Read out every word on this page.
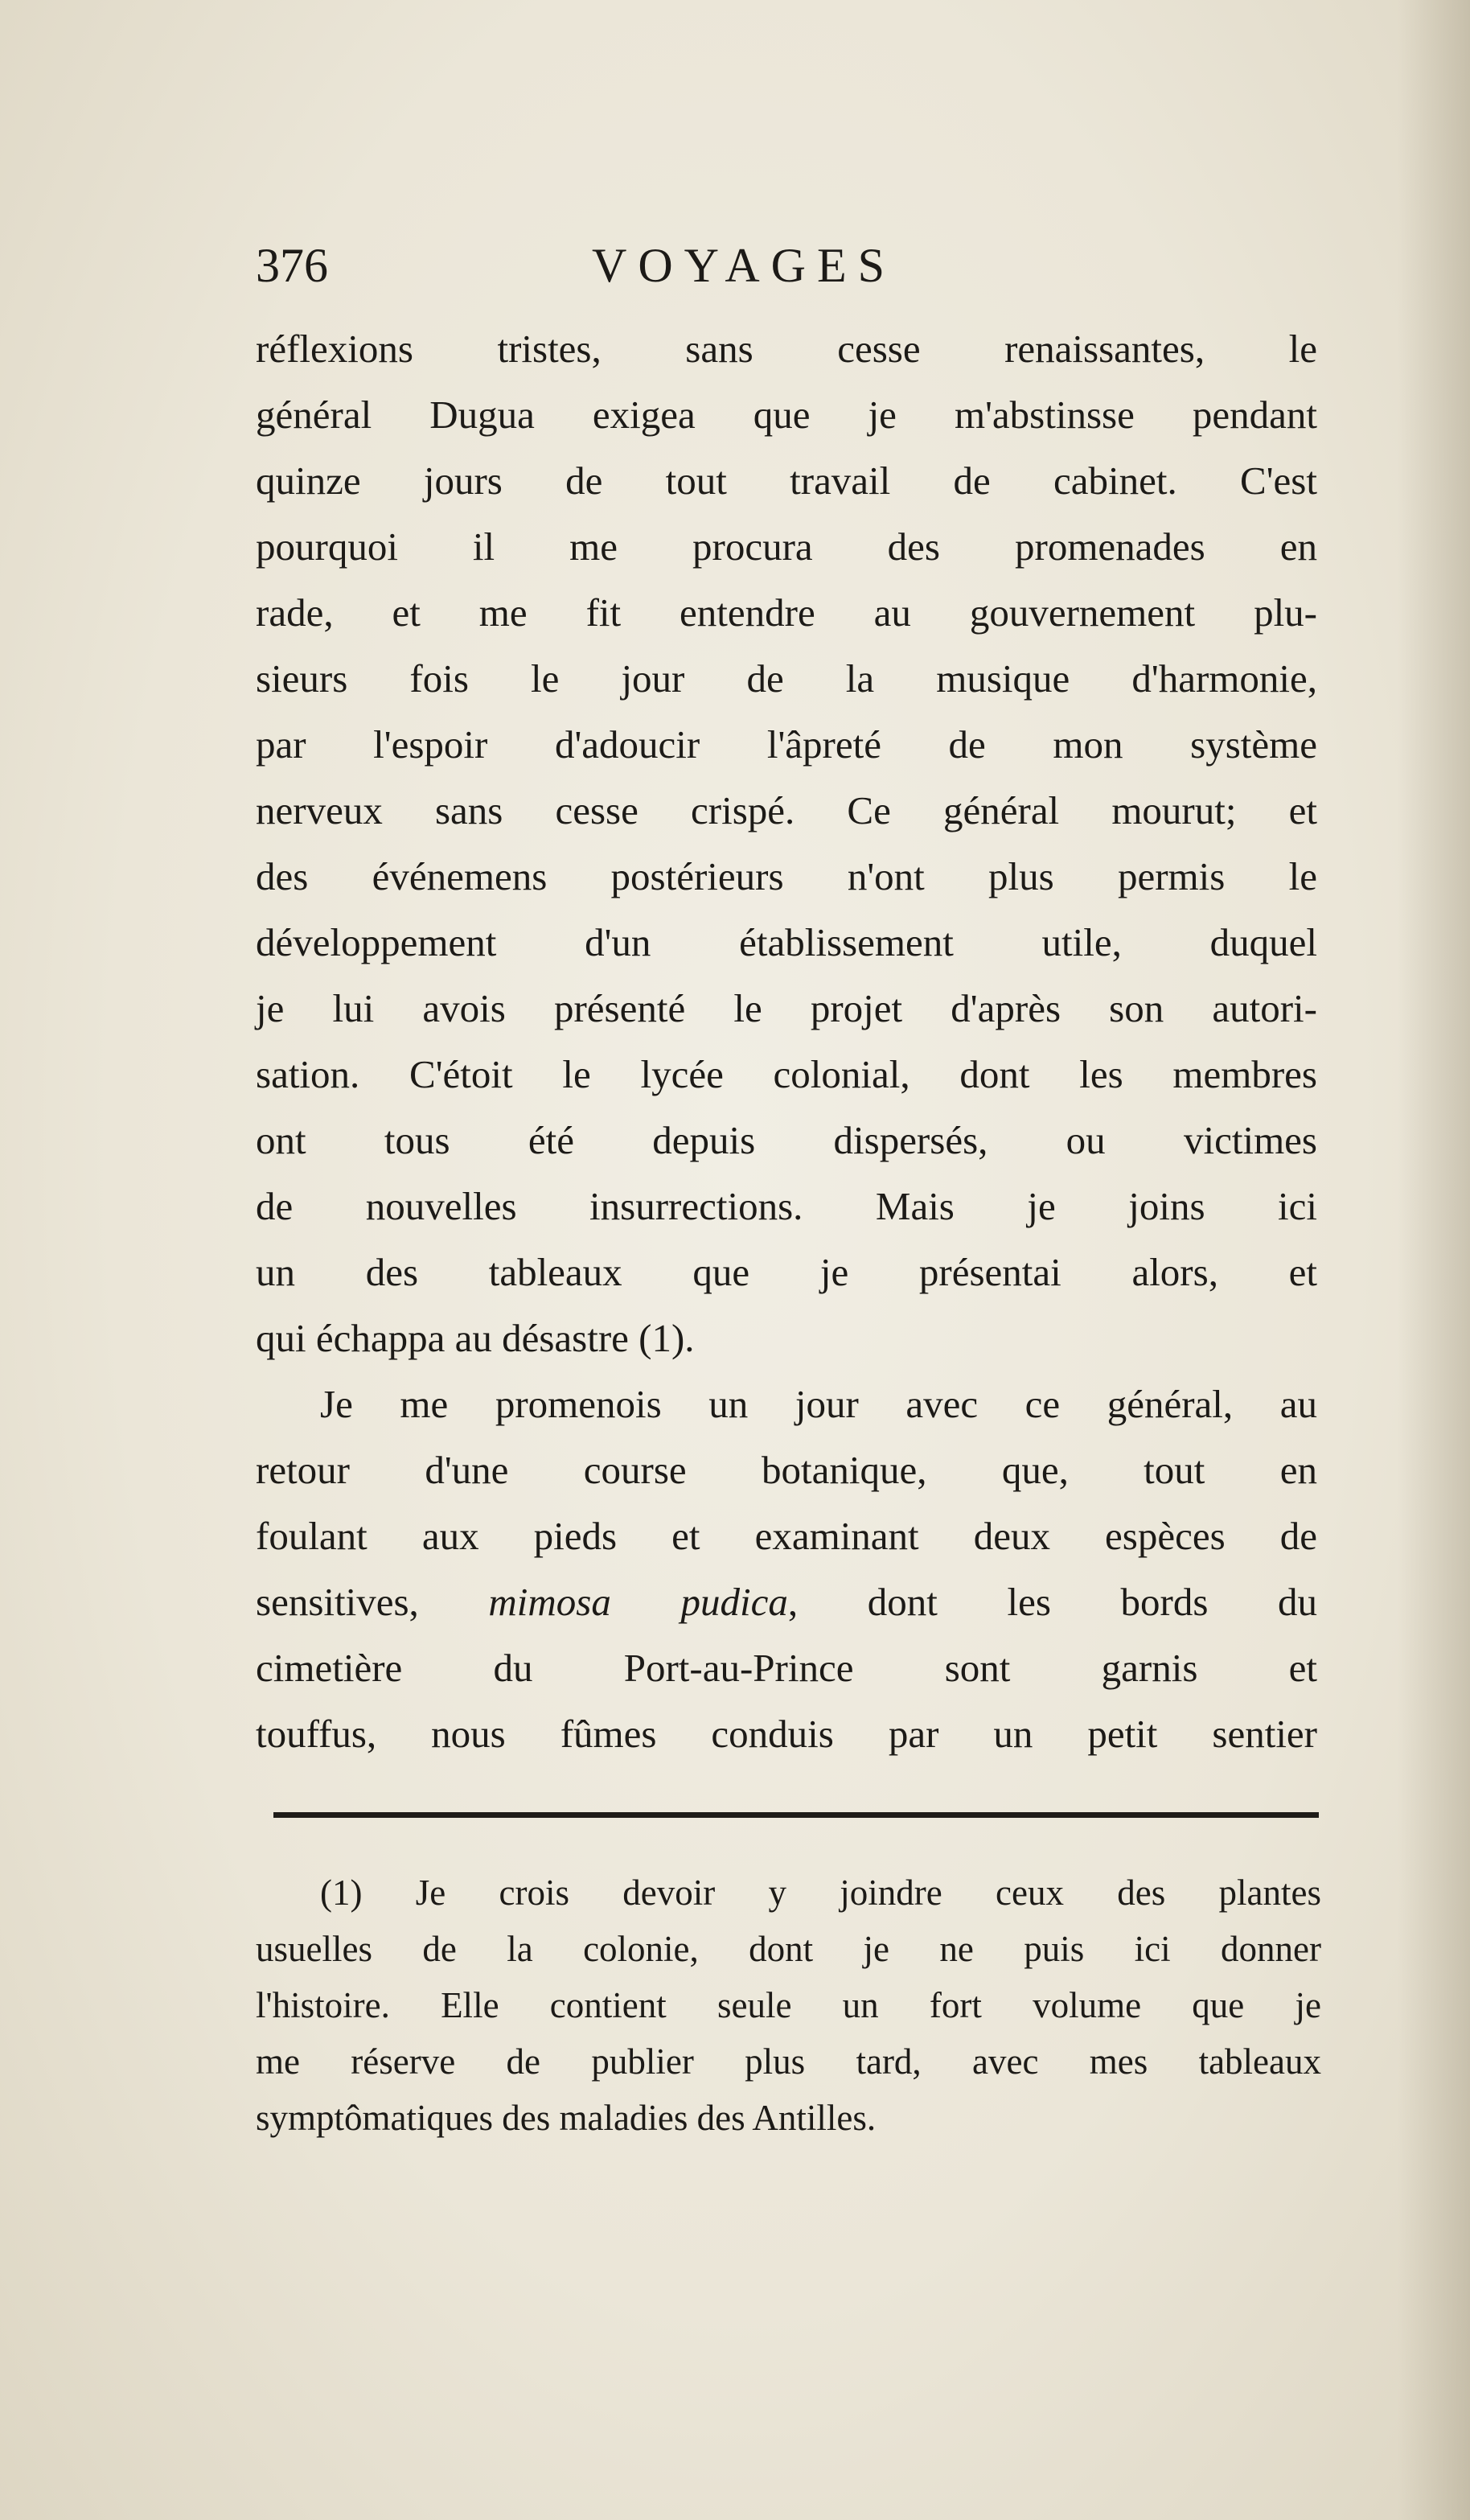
376	VOYAGES
réflexions tristes, sans cesse renaissantes, le
général Dugua exigea que je m'abstinsse pendant
quinze jours de tout travail de cabinet. C'est
pourquoi il me procura des promenades en
rade, et me fit entendre au gouvernement plu-
sieurs fois le jour de la musique d'harmonie,
par l'espoir d'adoucir l'âpreté de mon système
nerveux sans cesse crispé. Ce général mourut; et
des événemens postérieurs n'ont plus permis le
développement d'un établissement utile, duquel
je lui avois présenté le projet d'après son autori-
sation. C'étoit le lycée colonial, dont les membres
ont tous été depuis dispersés, ou victimes
de nouvelles insurrections. Mais je joins ici
un des tableaux que je présentai alors, et
qui échappa au désastre (1).
Je me promenois un jour avec ce général, au
retour d'une course botanique, que, tout en
foulant aux pieds et examinant deux espèces de
sensitives, mimosa pudica, dont les bords du
cimetière du Port-au-Prince sont garnis et
touffus, nous fûmes conduis par un petit sentier
(1) Je crois devoir y joindre ceux des plantes
usuelles de la colonie, dont je ne puis ici donner
l'histoire. Elle contient seule un fort volume que je
me réserve de publier plus tard, avec mes tableaux
symptômatiques des maladies des Antilles.
